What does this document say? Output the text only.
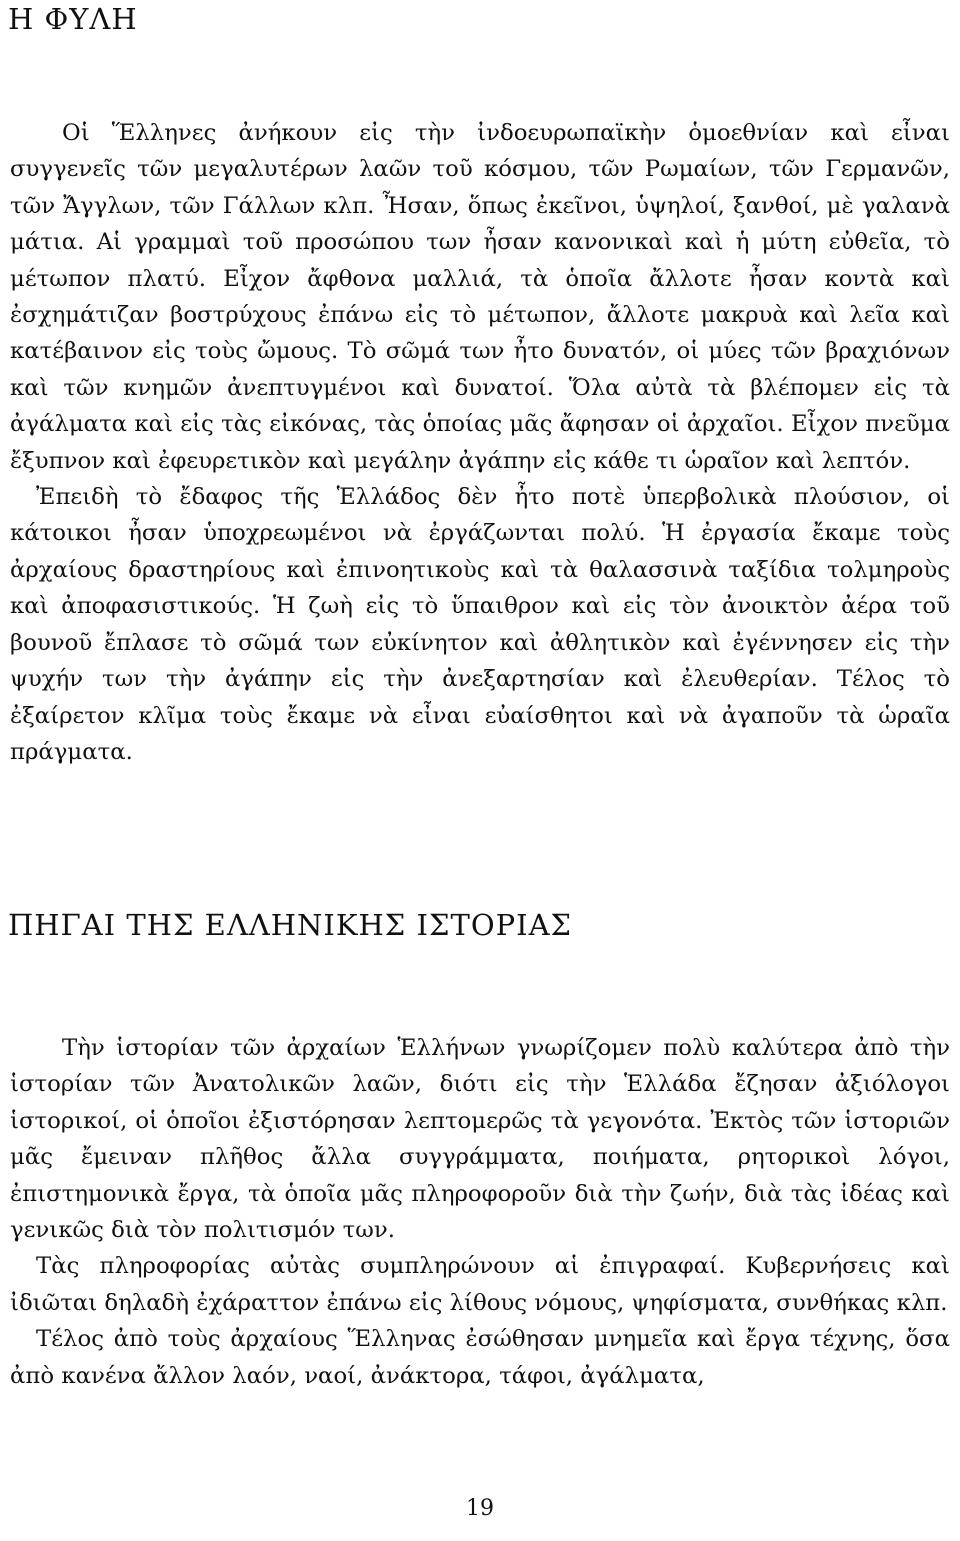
Η ΦΥΛΗ

Οἱ Ἕλληνες ἀνήκουν εἰς τὴν ἰνδοευρωπαϊκὴν ὁμοεθνίαν καὶ εἶναι συγγενεῖς τῶν μεγαλυτέρων λαῶν τοῦ κόσμου, τῶν Ρωμαίων, τῶν Γερμανῶν, τῶν Ἄγγλων, τῶν Γάλλων κλπ. Ἦσαν, ὅπως ἐκεῖνοι, ὑψηλοί, ξανθοί, μὲ γαλανὰ μάτια. Αἱ γραμμαὶ τοῦ προσώπου των ἦσαν κανονικαὶ καὶ ἡ μύτη εὐθεῖα, τὸ μέτωπον πλατύ. Εἶχον ἄφθονα μαλλιά, τὰ ὁποῖα ἄλλοτε ἦσαν κοντὰ καὶ ἐσχημάτιζαν βοστρύχους ἐπάνω εἰς τὸ μέτωπον, ἄλλοτε μακρυὰ καὶ λεῖα καὶ κατέβαινον εἰς τοὺς ὤμους. Τὸ σῶμά των ἦτο δυνατόν, οἱ μύες τῶν βραχιόνων καὶ τῶν κνημῶν ἀνεπτυγμένοι καὶ δυνατοί. Ὅλα αὐτὰ τὰ βλέπομεν εἰς τὰ ἀγάλματα καὶ εἰς τὰς εἰκόνας, τὰς ὁποίας μᾶς ἄφησαν οἱ ἀρχαῖοι. Εἶχον πνεῦμα ἔξυπνον καὶ ἐφευρετικὸν καὶ μεγάλην ἀγάπην εἰς κάθε τι ὡραῖον καὶ λεπτόν.

Ἐπειδὴ τὸ ἔδαφος τῆς Ἑλλάδος δὲν ἦτο ποτὲ ὑπερβολικὰ πλούσιον, οἱ κάτοικοι ἦσαν ὑποχρεωμένοι νὰ ἐργάζωνται πολύ. Ἡ ἐργασία ἔκαμε τοὺς ἀρχαίους δραστηρίους καὶ ἐπινοητικοὺς καὶ τὰ θαλασσινὰ ταξίδια τολμηροὺς καὶ ἀποφασιστικούς. Ἡ ζωὴ εἰς τὸ ὕπαιθρον καὶ εἰς τὸν ἀνοικτὸν ἀέρα τοῦ βουνοῦ ἔπλασε τὸ σῶμά των εὐκίνητον καὶ ἀθλητικὸν καὶ ἐγέννησεν εἰς τὴν ψυχήν των τὴν ἀγάπην εἰς τὴν ἀνεξαρτησίαν καὶ ἐλευθερίαν. Τέλος τὸ ἐξαίρετον κλῖμα τοὺς ἔκαμε νὰ εἶναι εὐαίσθητοι καὶ νὰ ἀγαποῦν τὰ ὡραῖα πράγματα.

ΠΗΓΑΙ ΤΗΣ ΕΛΛΗΝΙΚΗΣ ΙΣΤΟΡΙΑΣ

Τὴν ἱστορίαν τῶν ἀρχαίων Ἑλλήνων γνωρίζομεν πολὺ καλύτερα ἀπὸ τὴν ἱστορίαν τῶν Ἀνατολικῶν λαῶν, διότι εἰς τὴν Ἑλλάδα ἔζησαν ἀξιόλογοι ἱστορικοί, οἱ ὁποῖοι ἐξιστόρησαν λεπτομερῶς τὰ γεγονότα. Ἐκτὸς τῶν ἱστοριῶν μᾶς ἔμειναν πλῆθος ἄλλα συγγράμματα, ποιήματα, ρητορικοὶ λόγοι, ἐπιστημονικὰ ἔργα, τὰ ὁποῖα μᾶς πληροφοροῦν διὰ τὴν ζωήν, διὰ τὰς ἰδέας καὶ γενικῶς διὰ τὸν πολιτισμόν των.

Τὰς πληροφορίας αὐτὰς συμπληρώνουν αἱ ἐπιγραφαί. Κυβερνήσεις καὶ ἰδιῶται δηλαδὴ ἐχάραττον ἐπάνω εἰς λίθους νόμους, ψηφίσματα, συνθήκας κλπ.

Τέλος ἀπὸ τοὺς ἀρχαίους Ἕλληνας ἐσώθησαν μνημεῖα καὶ ἔργα τέχνης, ὅσα ἀπὸ κανένα ἄλλον λαόν, ναοί, ἀνάκτορα, τάφοι, ἀγάλματα,

19
